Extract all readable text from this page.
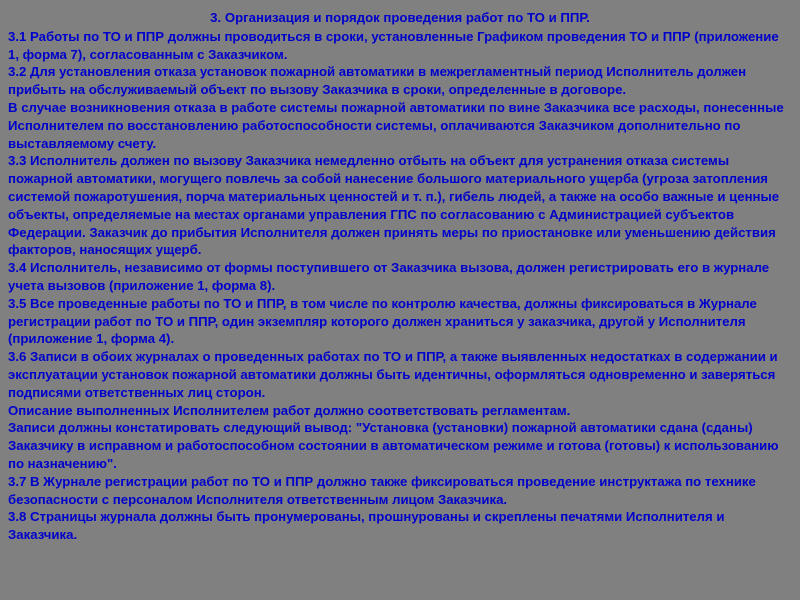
3. Организация и порядок проведения работ по ТО и ППР.

3.1 Работы по ТО и ППР должны проводиться в сроки, установленные Графиком проведения ТО и ППР (приложение 1, форма 7), согласованным с Заказчиком.

3.2 Для установления отказа установок пожарной автоматики в межрегламентный период Исполнитель должен прибыть на обслуживаемый объект по вызову Заказчика в сроки, определенные в договоре.

В случае возникновения отказа в работе системы пожарной автоматики по вине Заказчика все расходы, понесенные Исполнителем по восстановлению работоспособности системы, оплачиваются Заказчиком дополнительно по выставляемому счету.

3.3 Исполнитель должен по вызову Заказчика немедленно отбыть на объект для устранения отказа системы пожарной автоматики, могущего повлечь за собой нанесение большого материального ущерба (угроза затопления системой пожаротушения, порча материальных ценностей и т. п.), гибель людей, а также на особо важные и ценные объекты, определяемые на местах органами управления ГПС по согласованию с Администрацией субъектов Федерации. Заказчик до прибытия Исполнителя должен принять меры по приостановке или уменьшению действия факторов, наносящих ущерб.

3.4 Исполнитель, независимо от формы поступившего от Заказчика вызова, должен регистрировать его в журнале учета вызовов (приложение 1, форма 8).

3.5 Все проведенные работы по ТО и ППР, в том числе по контролю качества, должны фиксироваться в Журнале регистрации работ по ТО и ППР, один экземпляр которого должен храниться у заказчика, другой у Исполнителя (приложение 1, форма 4).

3.6 Записи в обоих журналах о проведенных работах по ТО и ППР, а также выявленных недостатках в содержании и эксплуатации установок пожарной автоматики должны быть идентичны, оформляться одновременно и заверяться подписями ответственных лиц сторон.

Описание выполненных Исполнителем работ должно соответствовать регламентам.

Записи должны констатировать следующий вывод: "Установка (установки) пожарной автоматики сдана (сданы) Заказчику в исправном и работоспособном состоянии в автоматическом режиме и готова (готовы) к использованию по назначению".

3.7 В Журнале регистрации работ по ТО и ППР должно также фиксироваться проведение инструктажа по технике безопасности с персоналом Исполнителя ответственным лицом Заказчика.

3.8 Страницы журнала должны быть пронумерованы, прошнурованы и скреплены печатями Исполнителя и Заказчика.
